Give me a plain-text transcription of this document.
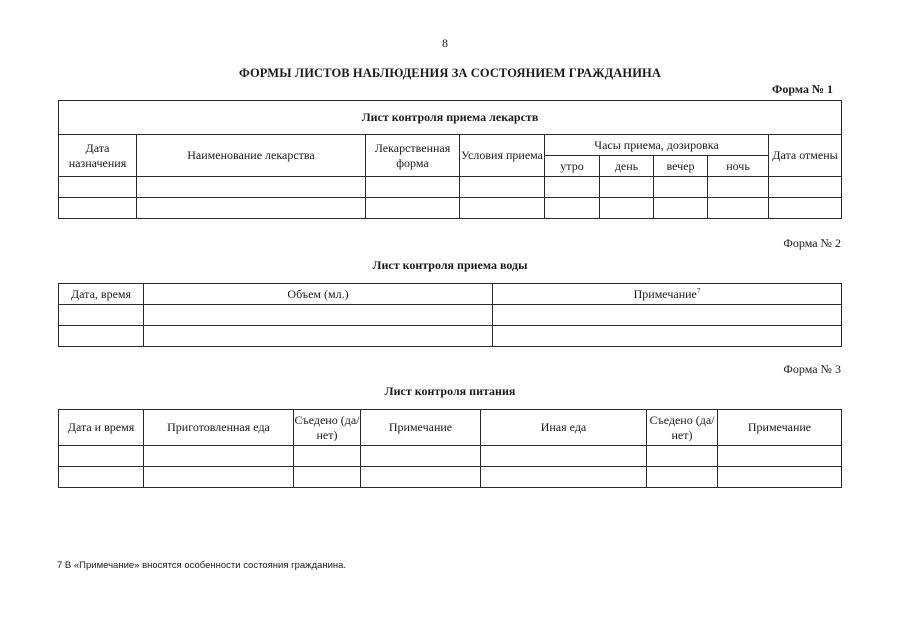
8
ФОРМЫ ЛИСТОВ НАБЛЮДЕНИЯ ЗА СОСТОЯНИЕМ ГРАЖДАНИНА
Форма № 1
Лист контроля приема лекарств								
Дата назначения	Наименование лекарства	Лекарственная форма	Условия приема	Часы приема, дозировка				Дата отмены
				утро	день	вечер	ночь	

Форма № 2
Лист контроля приема воды
Дата, время	Объем (мл.)	Примечание$^7$

Форма № 3
Лист контроля питания
Дата и время	Приготовленная еда	Съедено (да/нет)	Примечание	Иная еда	Съедено (да/нет)	Примечание

7 В «Примечание» вносятся особенности состояния гражданина.
